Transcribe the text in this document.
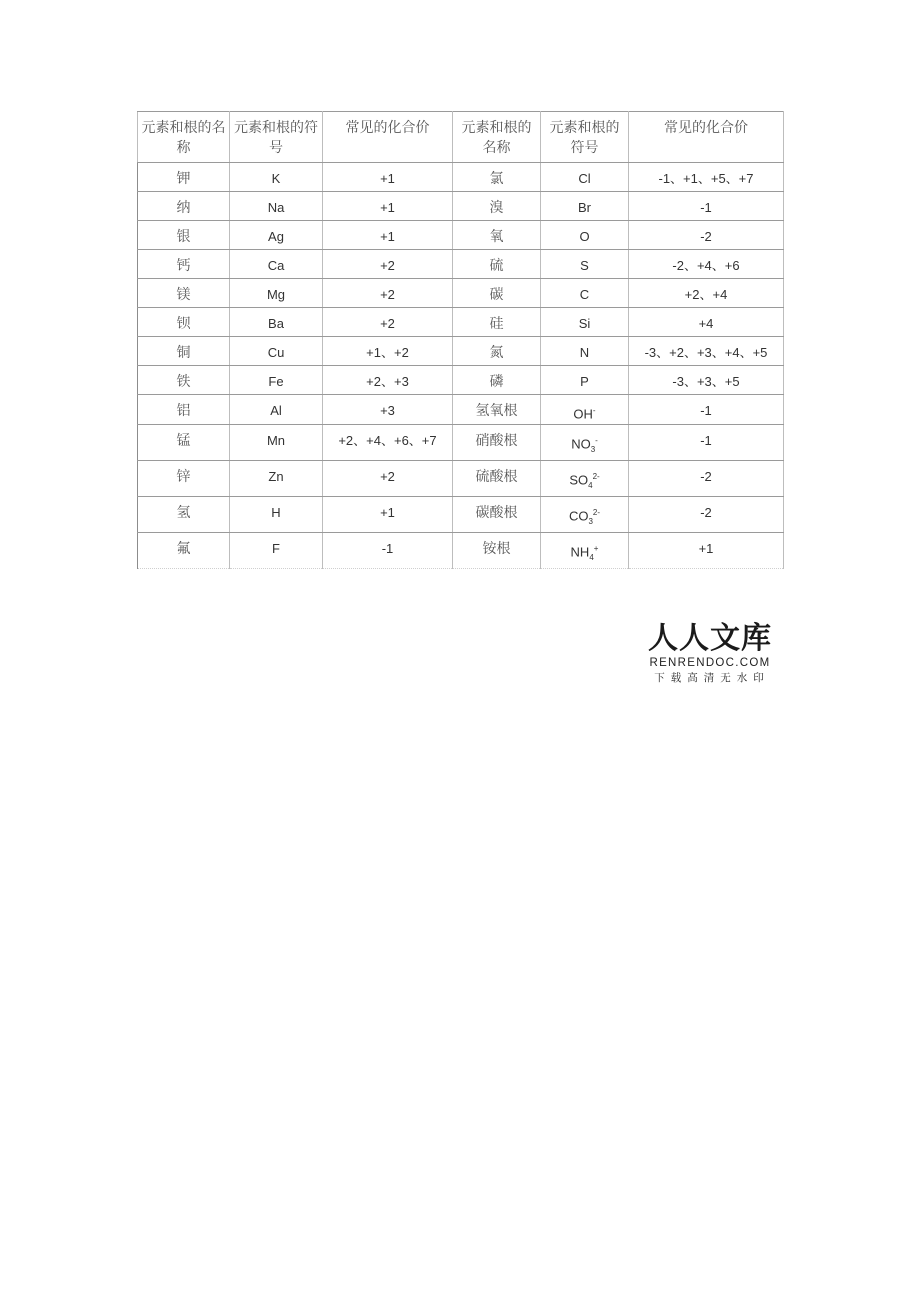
元素和根的名称	元素和根的符号	常见的化合价	元素和根的名称	元素和根的符号	常见的化合价
钾	K	+1	氯	Cl	-1、+1、+5、+7
纳	Na	+1	溴	Br	-1
银	Ag	+1	氧	O	-2
钙	Ca	+2	硫	S	-2、+4、+6
镁	Mg	+2	碳	C	+2、+4
钡	Ba	+2	硅	Si	+4
铜	Cu	+1、+2	氮	N	-3、+2、+3、+4、+5
铁	Fe	+2、+3	磷	P	-3、+3、+5
铝	Al	+3	氢氧根	OH-	-1
锰	Mn	+2、+4、+6、+7	硝酸根	$NO_3^-$	-1
锌	Zn	+2	硫酸根	$SO_4^{2-}$	-2
氢	H	+1	碳酸根	$CO_3^{2-}$	-2
氟	F	-1	铵根	$NH_4^+$	+1
人人文库
RENRENDOC.COM
下载高清无水印
